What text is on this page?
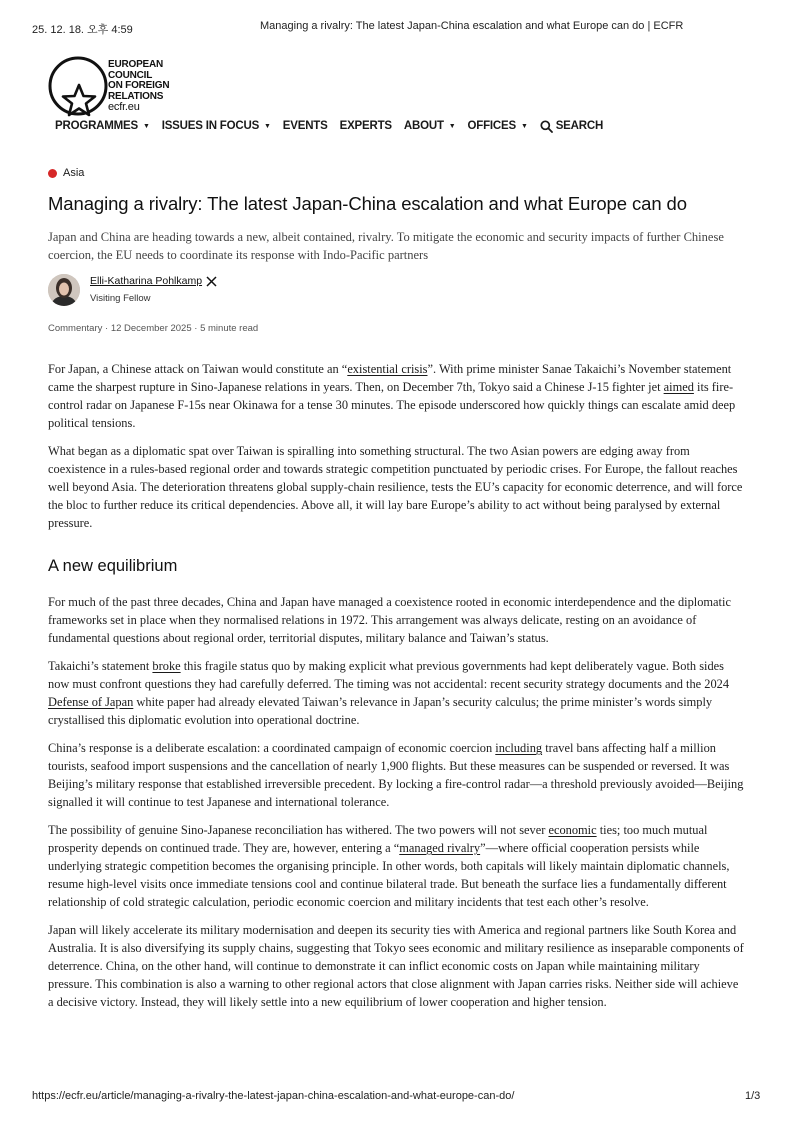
25. 12. 18. 오후 4:59	Managing a rivalry: The latest Japan-China escalation and what Europe can do | ECFR
EUROPEAN
COUNCIL
ON FOREIGN
RELATIONS
ecfr.eu
PROGRAMMES ▼ ISSUES IN FOCUS ▼ EVENTS EXPERTS ABOUT ▼ OFFICES ▼ SEARCH
Asia
Managing a rivalry: The latest Japan-China escalation and what Europe can do

Japan and China are heading towards a new, albeit contained, rivalry. To mitigate the economic and security impacts of further Chinese coercion, the EU needs to coordinate its response with Indo-Pacific partners

Elli-Katharina Pohlkamp
Visiting Fellow
Commentary · 12 December 2025 · 5 minute read

For Japan, a Chinese attack on Taiwan would constitute an “existential crisis”. With prime minister Sanae Takaichi’s November statement came the sharpest rupture in Sino-Japanese relations in years. Then, on December 7th, Tokyo said a Chinese J-15 fighter jet aimed its fire-control radar on Japanese F-15s near Okinawa for a tense 30 minutes. The episode underscored how quickly things can escalate amid deep political tensions.

What began as a diplomatic spat over Taiwan is spiralling into something structural. The two Asian powers are edging away from coexistence in a rules-based regional order and towards strategic competition punctuated by periodic crises. For Europe, the fallout reaches well beyond Asia. The deterioration threatens global supply-chain resilience, tests the EU’s capacity for economic deterrence, and will force the bloc to further reduce its critical dependencies. Above all, it will lay bare Europe’s ability to act without being paralysed by external pressure.

A new equilibrium

For much of the past three decades, China and Japan have managed a coexistence rooted in economic interdependence and the diplomatic frameworks set in place when they normalised relations in 1972. This arrangement was always delicate, resting on an avoidance of fundamental questions about regional order, territorial disputes, military balance and Taiwan’s status.

Takaichi’s statement broke this fragile status quo by making explicit what previous governments had kept deliberately vague. Both sides now must confront questions they had carefully deferred. The timing was not accidental: recent security strategy documents and the 2024 Defense of Japan white paper had already elevated Taiwan’s relevance in Japan’s security calculus; the prime minister’s words simply crystallised this diplomatic evolution into operational doctrine.

China’s response is a deliberate escalation: a coordinated campaign of economic coercion including travel bans affecting half a million tourists, seafood import suspensions and the cancellation of nearly 1,900 flights. But these measures can be suspended or reversed. It was Beijing’s military response that established irreversible precedent. By locking a fire-control radar—a threshold previously avoided—Beijing signalled it will continue to test Japanese and international tolerance.

The possibility of genuine Sino-Japanese reconciliation has withered. The two powers will not sever economic ties; too much mutual prosperity depends on continued trade. They are, however, entering a “managed rivalry”—where official cooperation persists while underlying strategic competition becomes the organising principle. In other words, both capitals will likely maintain diplomatic channels, resume high-level visits once immediate tensions cool and continue bilateral trade. But beneath the surface lies a fundamentally different relationship of cold strategic calculation, periodic economic coercion and military incidents that test each other’s resolve.

Japan will likely accelerate its military modernisation and deepen its security ties with America and regional partners like South Korea and Australia. It is also diversifying its supply chains, suggesting that Tokyo sees economic and military resilience as inseparable components of deterrence. China, on the other hand, will continue to demonstrate it can inflict economic costs on Japan while maintaining military pressure. This combination is also a warning to other regional actors that close alignment with Japan carries risks. Neither side will achieve a decisive victory. Instead, they will likely settle into a new equilibrium of lower cooperation and higher tension.

https://ecfr.eu/article/managing-a-rivalry-the-latest-japan-china-escalation-and-what-europe-can-do/	1/3
